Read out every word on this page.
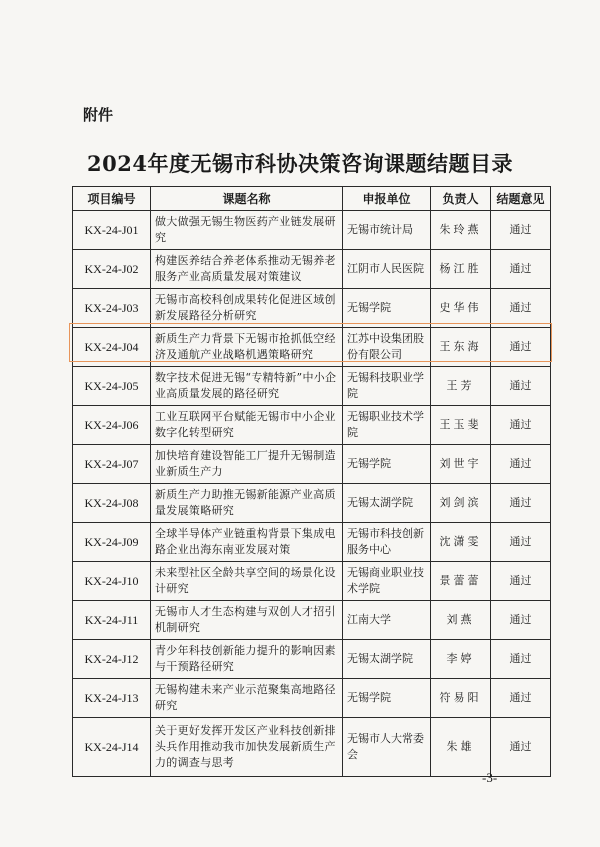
附件
2024年度无锡市科协决策咨询课题结题目录
项目编号	课题名称	申报单位	负责人	结题意见
KX-24-J01	做大做强无锡生物医药产业链发展研究	无锡市统计局	朱玲燕	通过
KX-24-J02	构建医养结合养老体系推动无锡养老服务产业高质量发展对策建议	江阴市人民医院	杨江胜	通过
KX-24-J03	无锡市高校科创成果转化促进区域创新发展路径分析研究	无锡学院	史华伟	通过
KX-24-J04	新质生产力背景下无锡市抢抓低空经济及通航产业战略机遇策略研究	江苏中设集团股份有限公司	王东海	通过
KX-24-J05	数字技术促进无锡“专精特新”中小企业高质量发展的路径研究	无锡科技职业学院	王芳	通过
KX-24-J06	工业互联网平台赋能无锡市中小企业数字化转型研究	无锡职业技术学院	王玉斐	通过
KX-24-J07	加快培育建设智能工厂提升无锡制造业新质生产力	无锡学院	刘世宇	通过
KX-24-J08	新质生产力助推无锡新能源产业高质量发展策略研究	无锡太湖学院	刘剑滨	通过
KX-24-J09	全球半导体产业链重构背景下集成电路企业出海东南亚发展对策	无锡市科技创新服务中心	沈潇雯	通过
KX-24-J10	未来型社区全龄共享空间的场景化设计研究	无锡商业职业技术学院	景蕾蕾	通过
KX-24-J11	无锡市人才生态构建与双创人才招引机制研究	江南大学	刘燕	通过
KX-24-J12	青少年科技创新能力提升的影响因素与干预路径研究	无锡太湖学院	李婷	通过
KX-24-J13	无锡构建未来产业示范聚集高地路径研究	无锡学院	符易阳	通过
KX-24-J14	关于更好发挥开发区产业科技创新排头兵作用推动我市加快发展新质生产力的调查与思考	无锡市人大常委会	朱雄	通过
-3-
